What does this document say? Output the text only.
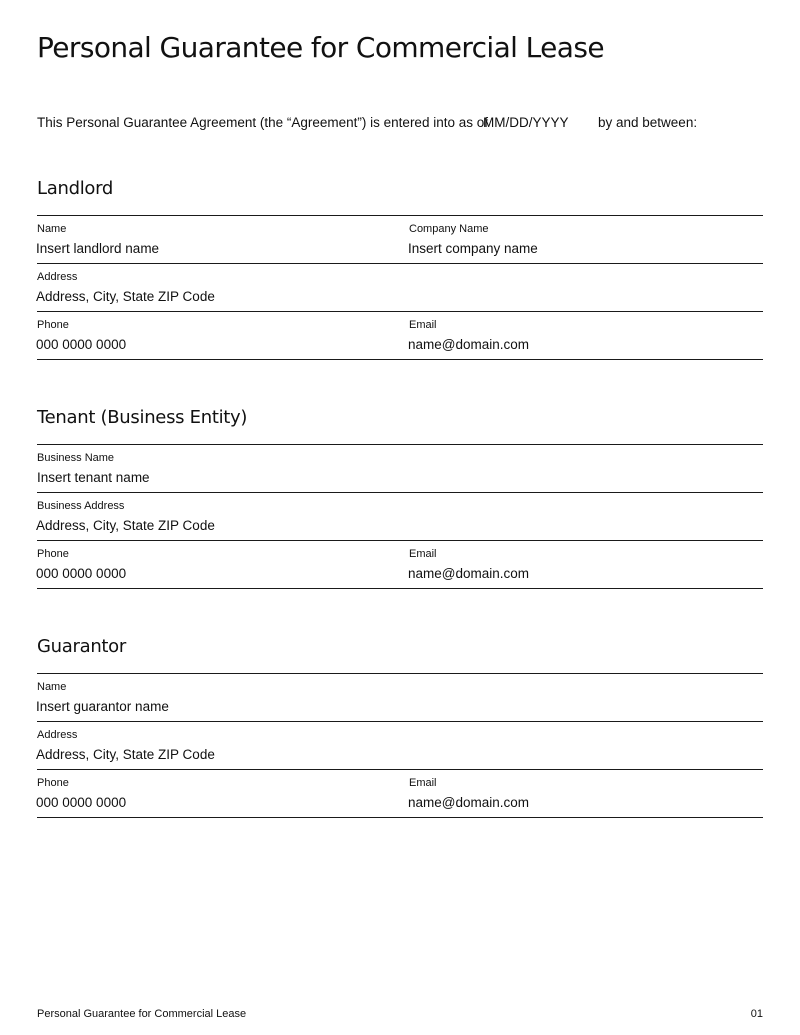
Personal Guarantee for Commercial Lease
This Personal Guarantee Agreement (the “Agreement”) is entered into as of
MM/DD/YYYY by and between:
Landlord
Name
Insert landlord name
Company Name
Insert company name
Address
Address, City, State ZIP Code
Phone
000 0000 0000
Email
name@domain.com
Tenant (Business Entity)
Business Name
Insert tenant name
Business Address
Address, City, State ZIP Code
Phone
000 0000 0000
Email
name@domain.com
Guarantor
Name
Insert guarantor name
Address
Address, City, State ZIP Code
Phone
000 0000 0000
Email
name@domain.com
Personal Guarantee for Commercial Lease	01
